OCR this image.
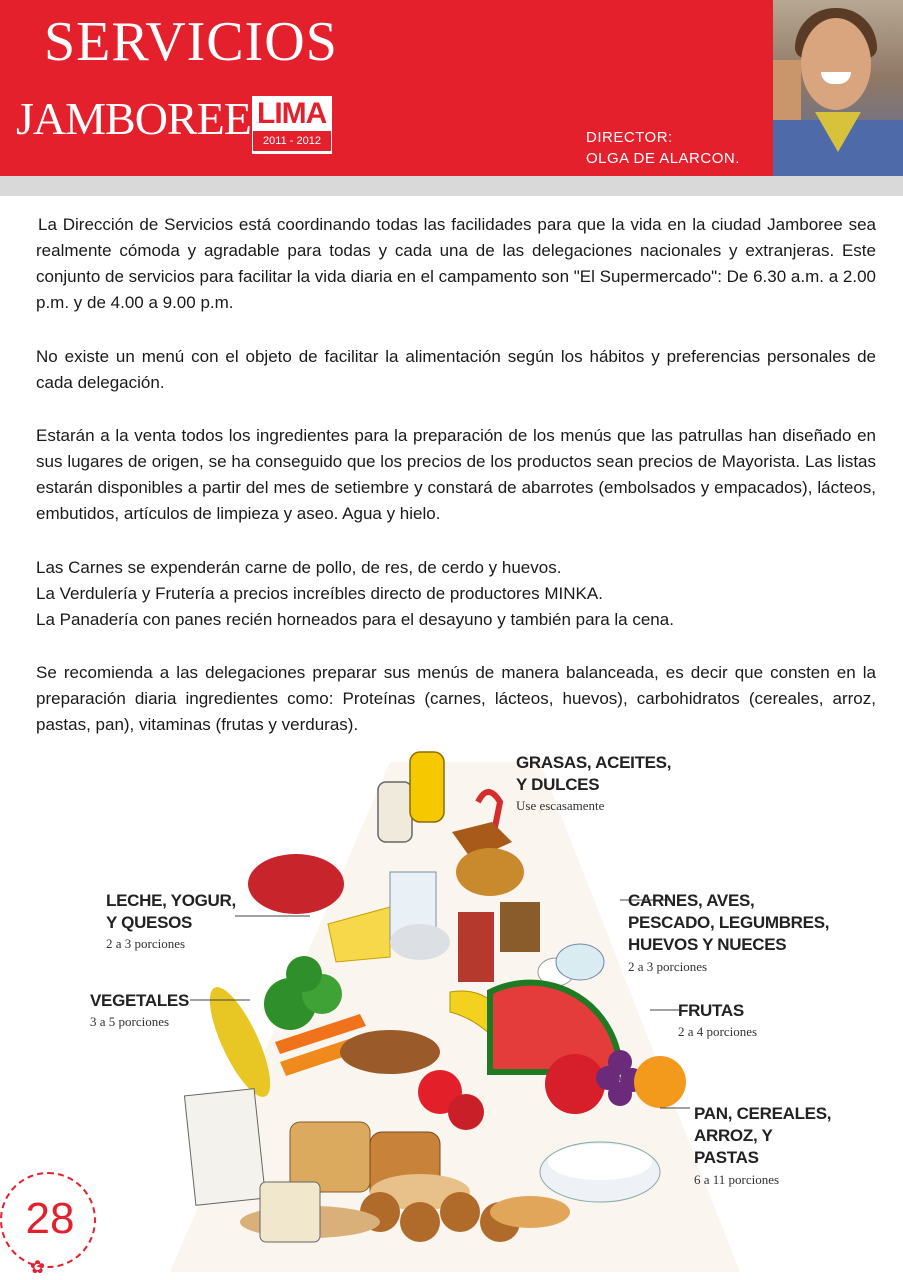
SERVICIOS
JAMBOREE LIMA
2011 - 2012	DIRECTOR:
OLGA DE ALARCON.

La Dirección de Servicios está coordinando todas las facilidades para que la vida en la ciudad Jamboree sea realmente cómoda y agradable para todas y cada una de las delegaciones nacionales y extranjeras. Este conjunto de servicios para facilitar la vida diaria en el campamento son "El Supermercado": De 6.30 a.m. a 2.00 p.m. y de 4.00 a 9.00 p.m.

No existe un menú con el objeto de facilitar la alimentación según los hábitos y preferencias personales de cada delegación.

Estarán a la venta todos los ingredientes para la preparación de los menús que las patrullas han diseñado en sus lugares de origen, se ha conseguido que los precios de los productos sean precios de Mayorista. Las listas estarán disponibles a partir del mes de setiembre y constará de abarrotes (embolsados y empacados), lácteos, embutidos, artículos de limpieza y aseo. Agua y hielo.

Las Carnes se expenderán carne de pollo, de res, de cerdo y huevos.
La Verdulería y Frutería a precios increíbles directo de productores MINKA.
La Panadería con panes recién horneados para el desayuno y también para la cena.

Se recomienda a las delegaciones preparar sus menús de manera balanceada, es decir que consten en la preparación diaria ingredientes como: Proteínas (carnes, lácteos, huevos), carbohidratos (cereales, arroz, pastas, pan), vitaminas (frutas y verduras).

GRASAS, ACEITES,
Y DULCES
Use escasamente
LECHE, YOGUR,
Y QUESOS
2 a 3 porciones
CARNES, AVES,
PESCADO, LEGUMBRES,
HUEVOS Y NUECES
2 a 3 porciones
VEGETALES
3 a 5 porciones
FRUTAS
2 a 4 porciones
PAN, CEREALES,
ARROZ, Y
PASTAS
6 a 11 porciones
28
✿
